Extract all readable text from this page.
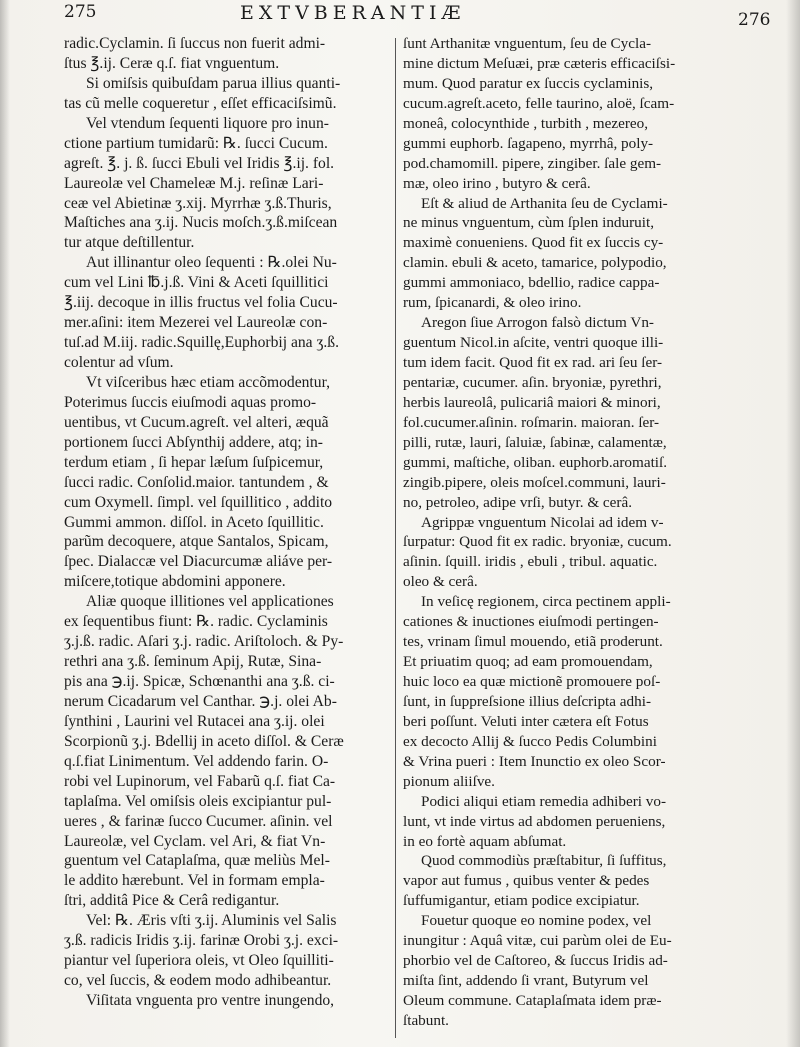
275	EXTVBERANTIÆ	276
radic.Cyclamin. ſi ſuccus non fuerit admi-
ſtus ℥.ij. Ceræ q.ſ. fiat vnguentum.
Si omiſsis quibuſdam parua illius quanti-
tas cũ melle coqueretur , eſſet efficaciſsimũ.
Vel vtendum ſequenti liquore pro inun-
ctione partium tumidarũ: ℞. ſucci Cucum.
agreſt. ℥. j. ß. ſucci Ebuli vel Iridis ℥.ij. fol.
Laureolæ vel Chameleæ M.j. reſinæ Lari-
ceæ vel Abietinæ ʒ.xij. Myrrhæ ʒ.ß.Thuris,
Maſtiches ana ʒ.ij. Nucis moſch.ʒ.ß.miſcean
tur atque deſtillentur.
Aut illinantur oleo ſequenti : ℞.olei Nu-
cum vel Lini ℔.j.ß. Vini & Aceti ſquillitici
℥.iij. decoque in illis fructus vel folia Cucu-
mer.aſini: item Mezerei vel Laureolæ con-
tuſ.ad M.iij. radic.Squillę,Euphorbij ana ʒ.ß.
colentur ad vſum.
Vt viſceribus hæc etiam accõmodentur,
Poterimus ſuccis eiuſmodi aquas promo-
uentibus, vt Cucum.agreſt. vel alteri, æquã
portionem ſucci Abſynthij addere, atq; in-
terdum etiam , ſi hepar læſum ſuſpicemur,
ſucci radic. Conſolid.maior. tantundem , &
cum Oxymell. ſimpl. vel ſquillitico , addito
Gummi ammon. diſſol. in Aceto ſquillitic.
parũm decoquere, atque Santalos, Spicam,
ſpec. Dialaccæ vel Diacurcumæ aliáve per-
miſcere,totique abdomini apponere.
Aliæ quoque illitiones vel applicationes
ex ſequentibus fiunt: ℞. radic. Cyclaminis
ʒ.j.ß. radic. Aſari ʒ.j. radic. Ariſtoloch. & Py-
rethri ana ʒ.ß. ſeminum Apij, Rutæ, Sina-
pis ana ℈.ij. Spicæ, Schœnanthi ana ʒ.ß. ci-
nerum Cicadarum vel Canthar. ℈.j. olei Ab-
ſynthini , Laurini vel Rutacei ana ʒ.ij. olei
Scorpionũ ʒ.j. Bdellij in aceto diſſol. & Ceræ
q.ſ.fiat Linimentum. Vel addendo farin. O-
robi vel Lupinorum, vel Fabarũ q.ſ. fiat Ca-
taplaſma. Vel omiſsis oleis excipiantur pul-
ueres , & farinæ ſucco Cucumer. aſinin. vel
Laureolæ, vel Cyclam. vel Ari, & fiat Vn-
guentum vel Cataplaſma, quæ meliùs Mel-
le addito hærebunt. Vel in formam empla-
ſtri, additâ Pice & Cerâ redigantur.
Vel: ℞. Æris vſti ʒ.ij. Aluminis vel Salis
ʒ.ß. radicis Iridis ʒ.ij. farinæ Orobi ʒ.j. exci-
piantur vel ſuperiora oleis, vt Oleo ſquilliti-
co, vel ſuccis, & eodem modo adhibeantur.
Viſitata vnguenta pro ventre inungendo,
ſunt Arthanitæ vnguentum, ſeu de Cycla-
mine dictum Meſuæi, præ cæteris efficaciſsi-
mum. Quod paratur ex ſuccis cyclaminis,
cucum.agreſt.aceto, felle taurino, aloë, ſcam-
moneâ, colocynthide , turbith , mezereo,
gummi euphorb. ſagapeno, myrrhâ, poly-
pod.chamomill. pipere, zingiber. ſale gem-
mæ, oleo irino , butyro & cerâ.
Eſt & aliud de Arthanita ſeu de Cyclami-
ne minus vnguentum, cùm ſplen induruit,
maximè conueniens. Quod fit ex ſuccis cy-
clamin. ebuli & aceto, tamarice, polypodio,
gummi ammoniaco, bdellio, radice cappa-
rum, ſpicanardi, & oleo irino.
Aregon ſiue Arrogon falsò dictum Vn-
guentum Nicol.in aſcite, ventri quoque illi-
tum idem facit. Quod fit ex rad. ari ſeu ſer-
pentariæ, cucumer. aſin. bryoniæ, pyrethri,
herbis laureolâ, pulicariâ maiori & minori,
fol.cucumer.aſinin. roſmarin. maioran. ſer-
pilli, rutæ, lauri, ſaluiæ, ſabinæ, calamentæ,
gummi, maſtiche, oliban. euphorb.aromatiſ.
zingib.pipere, oleis moſcel.communi, lauri-
no, petroleo, adipe vrſi, butyr. & cerâ.
Agrippæ vnguentum Nicolai ad idem v-
ſurpatur: Quod fit ex radic. bryoniæ, cucum.
aſinin. ſquill. iridis , ebuli , tribul. aquatic.
oleo & cerâ.
In veſicę regionem, circa pectinem appli-
cationes & inuctiones eiuſmodi pertingen-
tes, vrinam ſimul mouendo, etiã proderunt.
Et priuatim quoq; ad eam promouendam,
huic loco ea quæ mictionẽ promouere poſ-
ſunt, in ſuppreſsione illius deſcripta adhi-
beri poſſunt. Veluti inter cætera eſt Fotus
ex decocto Allij & ſucco Pedis Columbini
& Vrina pueri : Item Inunctio ex oleo Scor-
pionum aliiſve.
Podici aliqui etiam remedia adhiberi vo-
lunt, vt inde virtus ad abdomen perueniens,
in eo fortè aquam abſumat.
Quod commodiùs præſtabitur, ſi ſuffitus,
vapor aut fumus , quibus venter & pedes
ſuffumigantur, etiam podice excipiatur.
Fouetur quoque eo nomine podex, vel
inungitur : Aquâ vitæ, cui parùm olei de Eu-
phorbio vel de Caſtoreo, & ſuccus Iridis ad-
miſta ſint, addendo ſi vrant, Butyrum vel
Oleum commune. Cataplaſmata idem præ-
ſtabunt.
